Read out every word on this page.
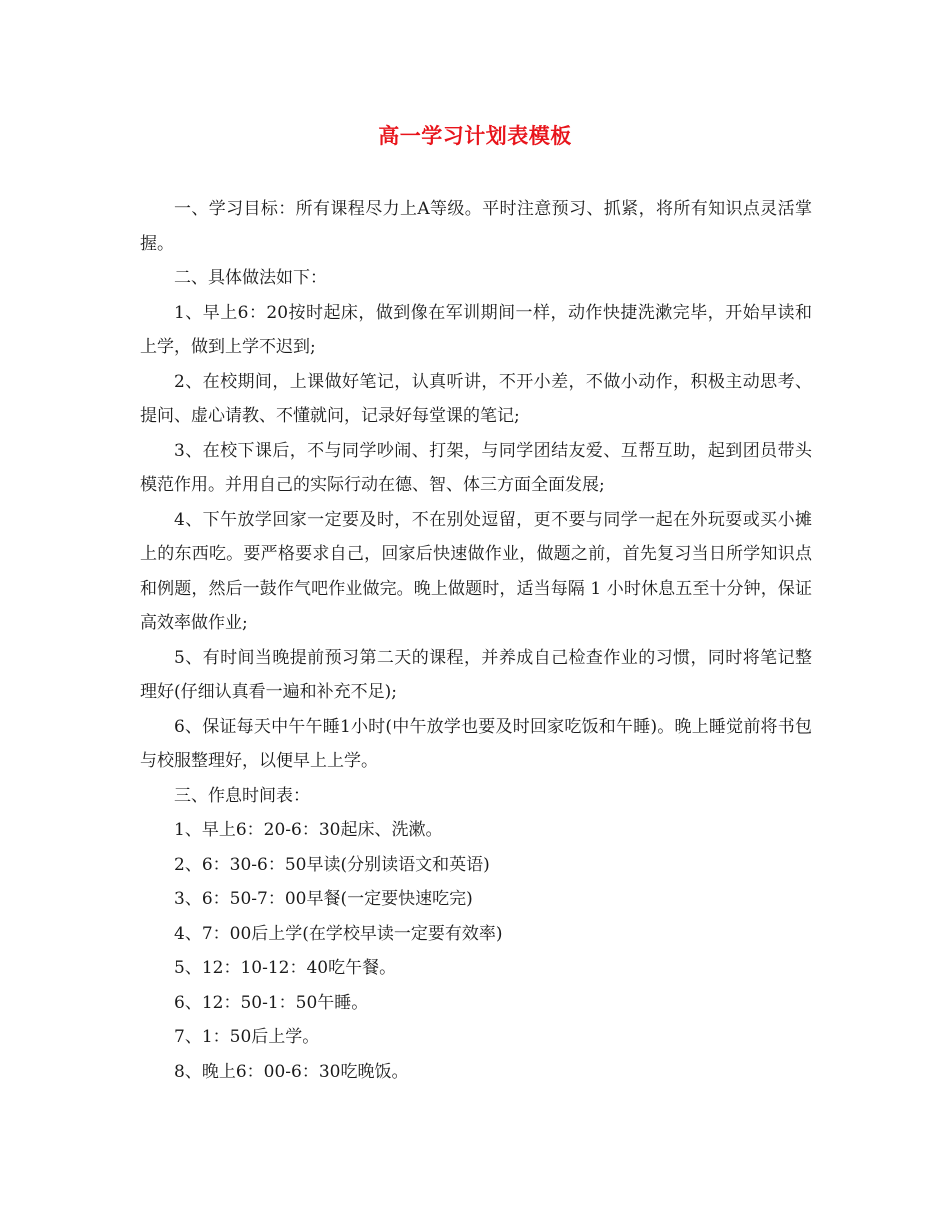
高一学习计划表模板

一、学习目标：所有课程尽力上A等级。平时注意预习、抓紧，将所有知识点灵活掌握。

二、具体做法如下：

1、早上6：20按时起床，做到像在军训期间一样，动作快捷洗漱完毕，开始早读和上学，做到上学不迟到;

2、在校期间，上课做好笔记，认真听讲，不开小差，不做小动作，积极主动思考、提问、虚心请教、不懂就问，记录好每堂课的笔记;

3、在校下课后，不与同学吵闹、打架，与同学团结友爱、互帮互助，起到团员带头模范作用。并用自己的实际行动在德、智、体三方面全面发展;

4、下午放学回家一定要及时，不在别处逗留，更不要与同学一起在外玩耍或买小摊上的东西吃。要严格要求自己，回家后快速做作业，做题之前，首先复习当日所学知识点和例题，然后一鼓作气吧作业做完。晚上做题时，适当每隔 1 小时休息五至十分钟，保证高效率做作业;

5、有时间当晚提前预习第二天的课程，并养成自己检查作业的习惯，同时将笔记整理好(仔细认真看一遍和补充不足);

6、保证每天中午午睡1小时(中午放学也要及时回家吃饭和午睡)。晚上睡觉前将书包与校服整理好，以便早上上学。

三、作息时间表：

1、早上6：20-6：30起床、洗漱。

2、6：30-6：50早读(分别读语文和英语)

3、6：50-7：00早餐(一定要快速吃完)

4、7：00后上学(在学校早读一定要有效率)

5、12：10-12：40吃午餐。

6、12：50-1：50午睡。

7、1：50后上学。

8、晚上6：00-6：30吃晚饭。
